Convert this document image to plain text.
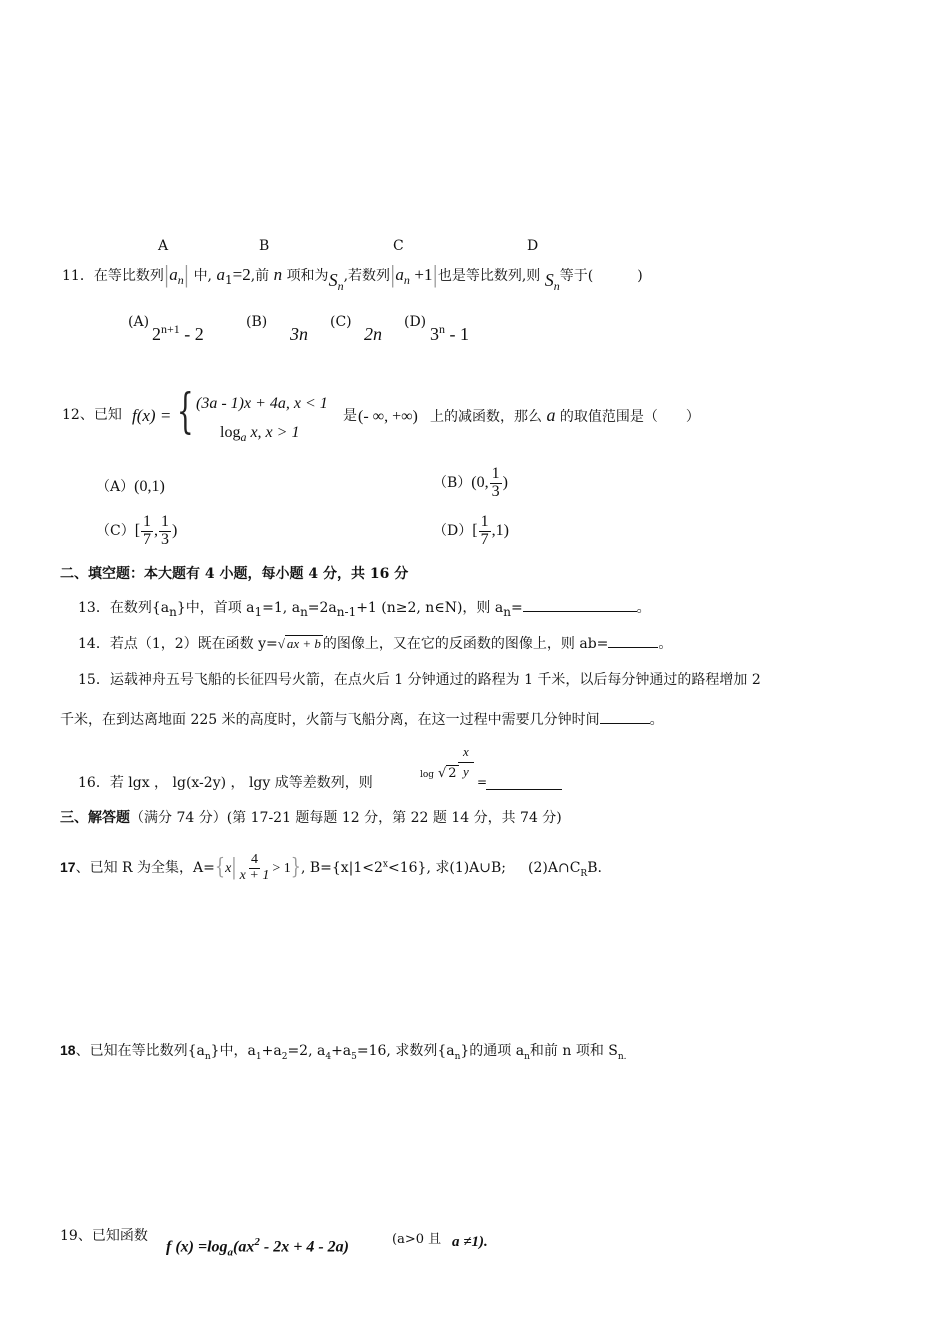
A	B	C	D
11．在等比数列$|a_n|$ 中, $a_1=2$,前 n 项和为$S_n$,若数列$|a_n +1|$也是等比数列,则 $S_n$等于(	)
(A)
$2^{n+1} - 2$
(B)
3n
(C)
2n
(D)
3$^n$ - 1
12、已知 f(x) = { (3a - 1)x + 4a, x < 1
$\log_a x$, x > 1
是 (- ∞, +∞) 上的减函数，那么 a 的取值范围是（ ）
（A）(0,1)	（B）(0, $\frac{1}{3}$ )
$(C)[ \frac{1}{7}$ , $\frac{1}{3}$ )	$(D)[ \frac{1}{7} ,1)$
二、填空题：本大题有 4 小题，每小题 4 分，共 16 分
13．在数列$\{a_n\}$中，首项 $a_1=1$, $a_n=2a_{n-1}+1$ (n≥2, n∈N)，则 $a_n=$	。
14．若点（1，2）既在函数 y=√ ax + b 的图像上，又在它的反函数的图像上，则 ab=	。
15．运载神舟五号飞船的长征四号火箭，在点火后 1 分钟通过的路程为 1 千米，以后每分钟通过的路程增加 2
千米，在到达离地面 225 米的高度时，火箭与飞船分离，在这一过程中需要几分钟时间	。
16．若 lgx ， lg(x-2y) ， lgy 成等差数列，则	log √ 2
x
y
=
三、解答题（满分 74 分）(第 17-21 题每题 12 分，第 22 题 14 分，共 74 分)
17、已知 R 为全集，$A=\{x| \frac{4}{x + 1} > 1\}$, $B=\{x|1<2^x<16\}$, 求(1)A∪B; $(2)A\cap C_RB$.
18、已知在等比数列$\{a_n\}$中，$a_1+a_2=2$, $a_4+a_5=16$, 求数列$\{a_n\}$的通项 $a_n$和前 n 项和 $S_{n.}$
19、已知函数
f $(x) =\log_a(ax^2 - 2x + 4 - 2a)$	(a>0 且 a ≠1).
